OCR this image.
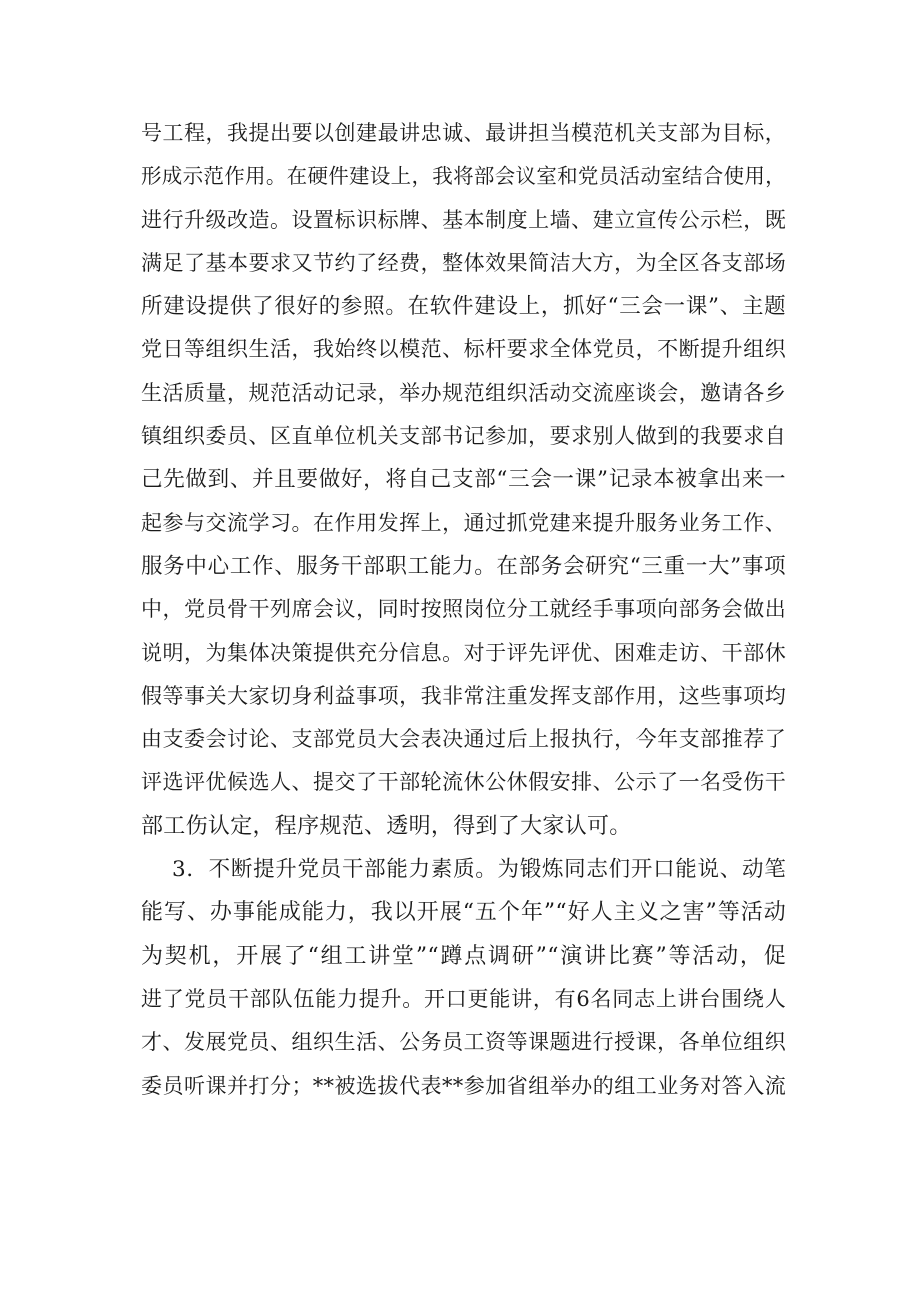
号工程，我提出要以创建最讲忠诚、最讲担当模范机关支部为目标，
形成示范作用。在硬件建设上，我将部会议室和党员活动室结合使用，
进行升级改造。设置标识标牌、基本制度上墙、建立宣传公示栏，既
满足了基本要求又节约了经费，整体效果简洁大方，为全区各支部场
所建设提供了很好的参照。在软件建设上，抓好“三会一课”、主题
党日等组织生活，我始终以模范、标杆要求全体党员，不断提升组织
生活质量，规范活动记录，举办规范组织活动交流座谈会，邀请各乡
镇组织委员、区直单位机关支部书记参加，要求别人做到的我要求自
己先做到、并且要做好，将自己支部“三会一课”记录本被拿出来一
起参与交流学习。在作用发挥上，通过抓党建来提升服务业务工作、
服务中心工作、服务干部职工能力。在部务会研究“三重一大”事项
中，党员骨干列席会议，同时按照岗位分工就经手事项向部务会做出
说明，为集体决策提供充分信息。对于评先评优、困难走访、干部休
假等事关大家切身利益事项，我非常注重发挥支部作用，这些事项均
由支委会讨论、支部党员大会表决通过后上报执行，今年支部推荐了
评选评优候选人、提交了干部轮流休公休假安排、公示了一名受伤干
部工伤认定，程序规范、透明，得到了大家认可。
3．不断提升党员干部能力素质。为锻炼同志们开口能说、动笔
能写、办事能成能力，我以开展“五个年”“好人主义之害”等活动
为契机，开展了“组工讲堂”“蹲点调研”“演讲比赛”等活动，促
进了党员干部队伍能力提升。开口更能讲，有6名同志上讲台围绕人
才、发展党员、组织生活、公务员工资等课题进行授课，各单位组织
委员听课并打分；**被选拔代表**参加省组举办的组工业务对答入流
